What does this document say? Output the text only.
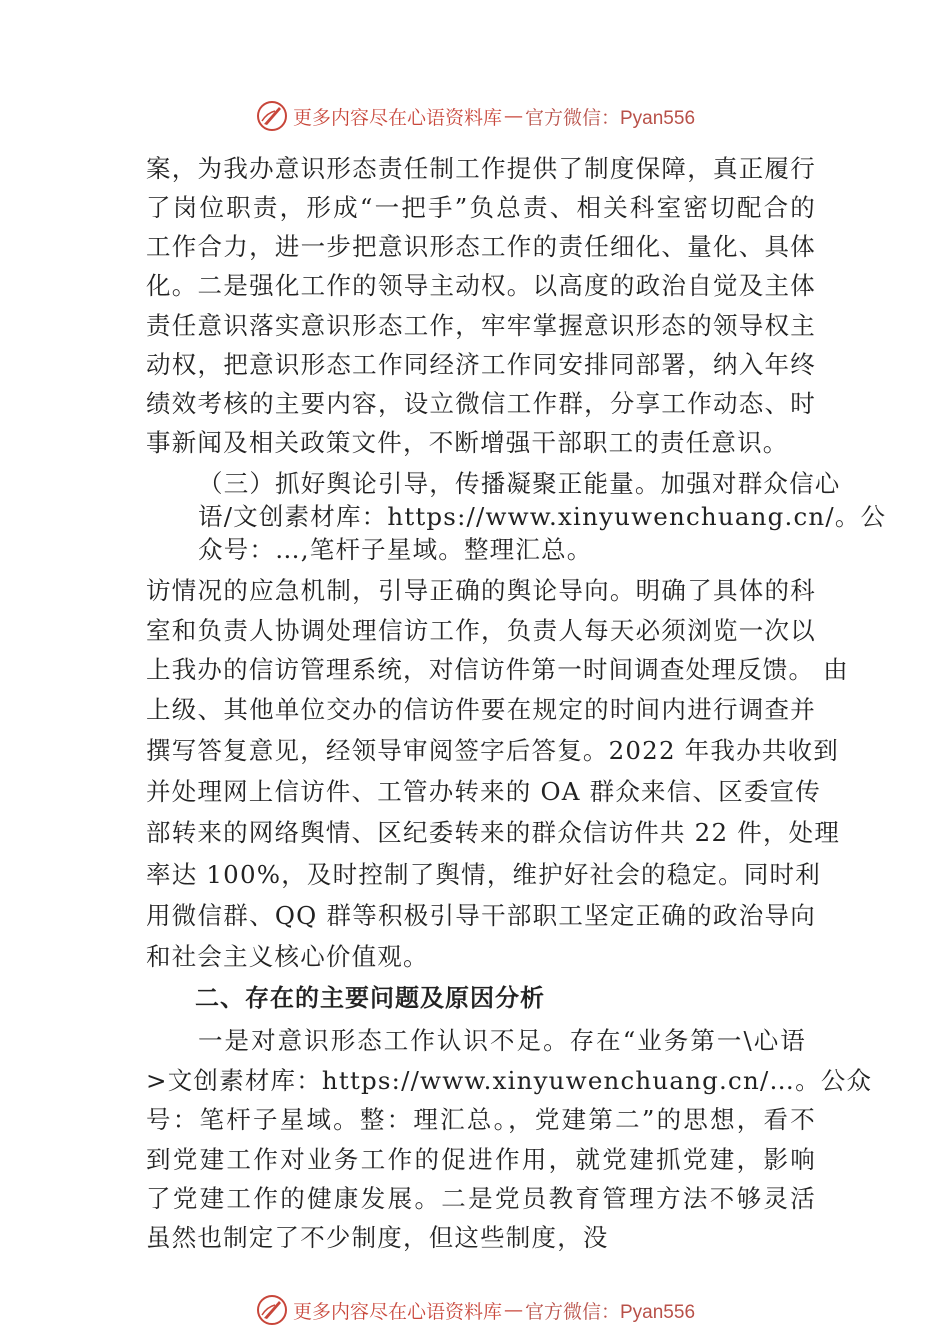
更多内容尽在心语资料库 — 官方微信：Pyan556
案，为我办意识形态责任制工作提供了制度保障，真正履行
了岗位职责，形成“一把手”负总责、相关科室密切配合的
工作合力，进一步把意识形态工作的责任细化、量化、具体
化。二是强化工作的领导主动权。以高度的政治自觉及主体
责任意识落实意识形态工作，牢牢掌握意识形态的领导权主
动权，把意识形态工作同经济工作同安排同部署，纳入年终
绩效考核的主要内容，设立微信工作群，分享工作动态、时
事新闻及相关政策文件，不断增强干部职工的责任意识。
（三）抓好舆论引导，传播凝聚正能量。加强对群众信心
语/文创素材库：https://www.xinyuwenchuang.cn/。公
众号：…,笔杆子星域。整理汇总。
访情况的应急机制，引导正确的舆论导向。明确了具体的科
室和负责人协调处理信访工作，负责人每天必须浏览一次以
上我办的信访管理系统，对信访件第一时间调查处理反馈。 由
上级、其他单位交办的信访件要在规定的时间内进行调查并
撰写答复意见，经领导审阅签字后答复。2022 年我办共收到
并处理网上信访件、工管办转来的 OA 群众来信、区委宣传
部转来的网络舆情、区纪委转来的群众信访件共 22 件，处理
率达 100%，及时控制了舆情，维护好社会的稳定。同时利
用微信群、QQ 群等积极引导干部职工坚定正确的政治导向
和社会主义核心价值观。
二、存在的主要问题及原因分析
一是对意识形态工作认识不足。存在“业务第一\心语
>文创素材库：https://www.xinyuwenchuang.cn/…。公众
号：笔杆子星域。整：理汇总。，党建第二”的思想，看不
到党建工作对业务工作的促进作用，就党建抓党建，影响
了党建工作的健康发展。二是党员教育管理方法不够灵活
虽然也制定了不少制度，但这些制度，没
更多内容尽在心语资料库 — 官方微信：Pyan556
